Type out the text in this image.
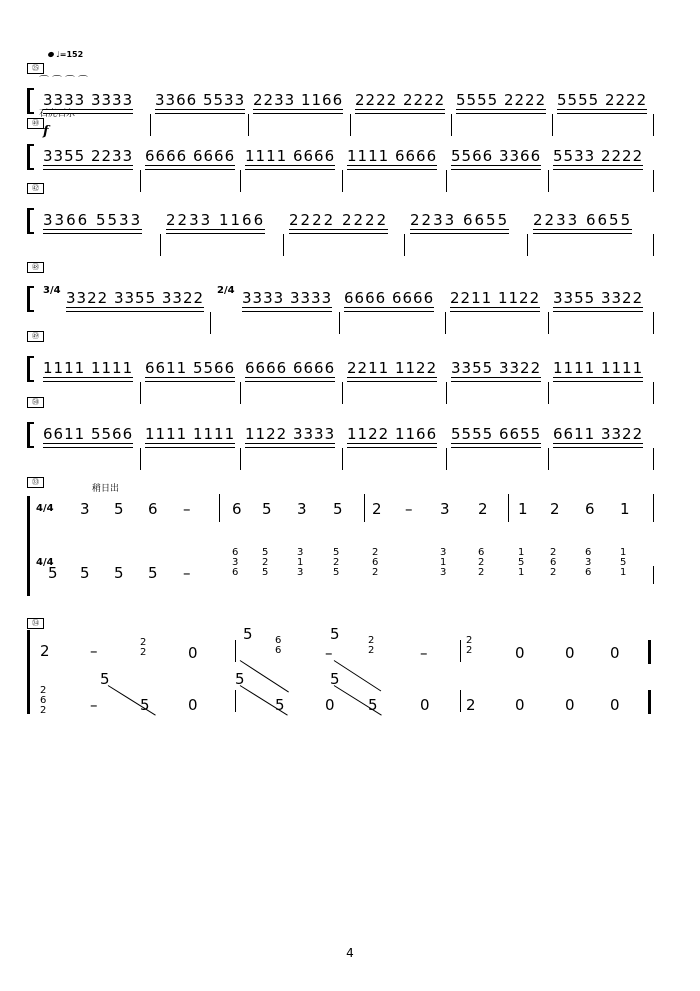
♩=152
㉕
⌒⌒⌒⌒
石虎石东
㊵
f
3333 3333 3366 5533 2233 1166 2222 2222 5555 2222 5555 2222
3355 2233 6666 6666 1111 6666 1111 6666 5566 3366 5533 2222
㊷
3366 5533 2233 1166 2222 2222 2233 6655 2233 6655
㊽
3/4 3322 3355 3322 2/4 3333 3333 6666 6666 2211 1122 3355 3322
㊾
1111 1111 6611 5566 6666 6666 2211 1122 3355 3322 1111 1111
㊿
6611 5566 1111 1111 1122 3333 1122 1166 5555 6655 6611 3322
㉝
稍日出
4/4
4/4
3 5 6 –	6 5 3 5 2 – 3 2 1 2 6 1
6
3
6
5
2
5
3
1
3
5
2
5
2
6
2
3
1
3
6
2
2
1
5
1
2
6
2
6
3
6
1
5
1
5 5 5 5 –
㉞
2	–	2
2	0
5 6
6	–
5	2
2	–
2
2	0	0 0
2
6
2	–
5
5	0
5
5	0
5
5	0 2	0	0 0
4
